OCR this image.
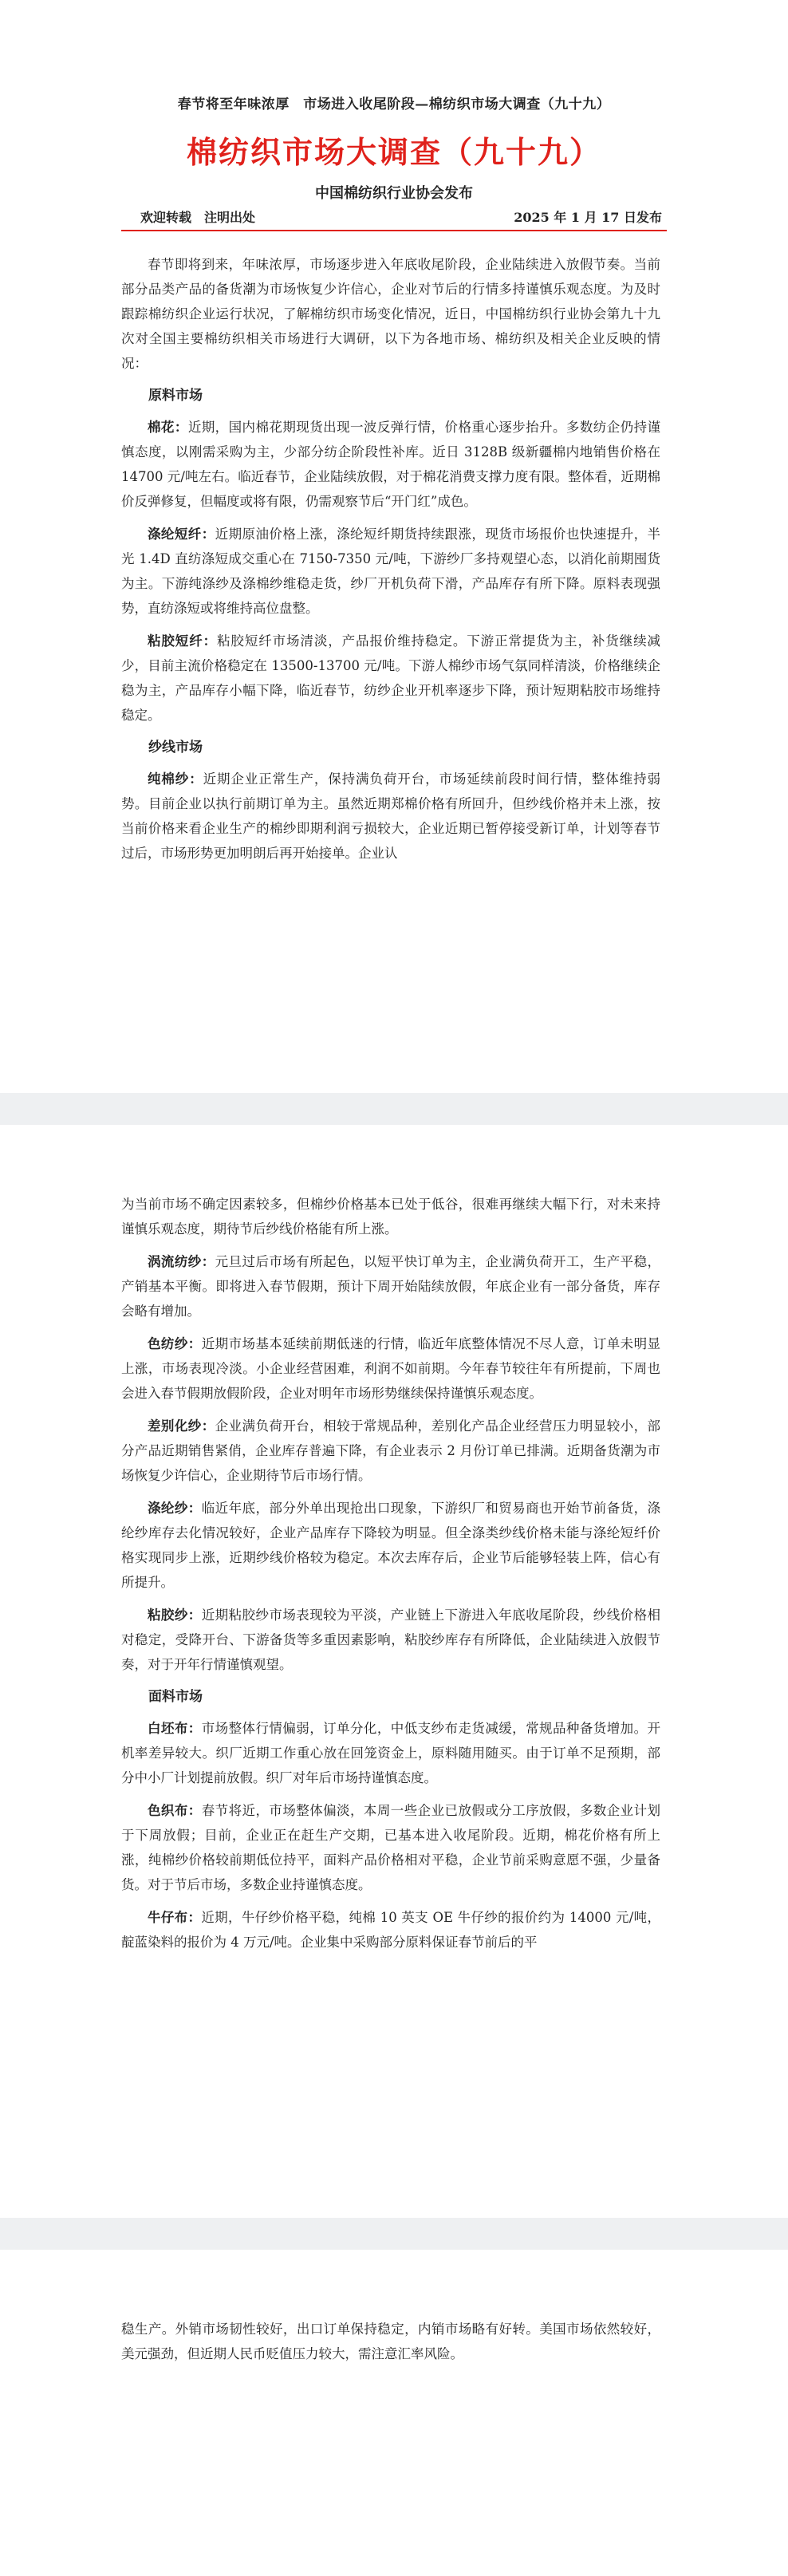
春节将至年味浓厚　市场进入收尾阶段—棉纺织市场大调查（九十九）
棉纺织市场大调查（九十九）
中国棉纺织行业协会发布
欢迎转载　注明出处	2025 年 1 月 17 日发布

春节即将到来，年味浓厚，市场逐步进入年底收尾阶段，企业陆续进入放假节奏。当前部分品类产品的备货潮为市场恢复少许信心，企业对节后的行情多持谨慎乐观态度。为及时跟踪棉纺织企业运行状况，了解棉纺织市场变化情况，近日，中国棉纺织行业协会第九十九次对全国主要棉纺织相关市场进行大调研，以下为各地市场、棉纺织及相关企业反映的情况：

原料市场

棉花：近期，国内棉花期现货出现一波反弹行情，价格重心逐步抬升。多数纺企仍持谨慎态度，以刚需采购为主，少部分纺企阶段性补库。近日 3128B 级新疆棉内地销售价格在 14700 元/吨左右。临近春节，企业陆续放假，对于棉花消费支撑力度有限。整体看，近期棉价反弹修复，但幅度或将有限，仍需观察节后“开门红”成色。

涤纶短纤：近期原油价格上涨，涤纶短纤期货持续跟涨，现货市场报价也快速提升，半光 1.4D 直纺涤短成交重心在 7150-7350 元/吨，下游纱厂多持观望心态，以消化前期囤货为主。下游纯涤纱及涤棉纱维稳走货，纱厂开机负荷下滑，产品库存有所下降。原料表现强势，直纺涤短或将维持高位盘整。

粘胶短纤：粘胶短纤市场清淡，产品报价维持稳定。下游正常提货为主，补货继续减少，目前主流价格稳定在 13500-13700 元/吨。下游人棉纱市场气氛同样清淡，价格继续企稳为主，产品库存小幅下降，临近春节，纺纱企业开机率逐步下降，预计短期粘胶市场维持稳定。

纱线市场

纯棉纱：近期企业正常生产，保持满负荷开台，市场延续前段时间行情，整体维持弱势。目前企业以执行前期订单为主。虽然近期郑棉价格有所回升，但纱线价格并未上涨，按当前价格来看企业生产的棉纱即期利润亏损较大，企业近期已暂停接受新订单，计划等春节过后，市场形势更加明朗后再开始接单。企业认

为当前市场不确定因素较多，但棉纱价格基本已处于低谷，很难再继续大幅下行，对未来持谨慎乐观态度，期待节后纱线价格能有所上涨。

涡流纺纱：元旦过后市场有所起色，以短平快订单为主，企业满负荷开工，生产平稳，产销基本平衡。即将进入春节假期，预计下周开始陆续放假，年底企业有一部分备货，库存会略有增加。

色纺纱：近期市场基本延续前期低迷的行情，临近年底整体情况不尽人意，订单未明显上涨，市场表现冷淡。小企业经营困难，利润不如前期。今年春节较往年有所提前，下周也会进入春节假期放假阶段，企业对明年市场形势继续保持谨慎乐观态度。

差别化纱：企业满负荷开台，相较于常规品种，差别化产品企业经营压力明显较小，部分产品近期销售紧俏，企业库存普遍下降，有企业表示 2 月份订单已排满。近期备货潮为市场恢复少许信心，企业期待节后市场行情。

涤纶纱：临近年底，部分外单出现抢出口现象，下游织厂和贸易商也开始节前备货，涤纶纱库存去化情况较好，企业产品库存下降较为明显。但全涤类纱线价格未能与涤纶短纤价格实现同步上涨，近期纱线价格较为稳定。本次去库存后，企业节后能够轻装上阵，信心有所提升。

粘胶纱：近期粘胶纱市场表现较为平淡，产业链上下游进入年底收尾阶段，纱线价格相对稳定，受降开台、下游备货等多重因素影响，粘胶纱库存有所降低，企业陆续进入放假节奏，对于开年行情谨慎观望。

面料市场

白坯布：市场整体行情偏弱，订单分化，中低支纱布走货减缓，常规品种备货增加。开机率差异较大。织厂近期工作重心放在回笼资金上，原料随用随买。由于订单不足预期，部分中小厂计划提前放假。织厂对年后市场持谨慎态度。

色织布：春节将近，市场整体偏淡，本周一些企业已放假或分工序放假，多数企业计划于下周放假；目前，企业正在赶生产交期，已基本进入收尾阶段。近期，棉花价格有所上涨，纯棉纱价格较前期低位持平，面料产品价格相对平稳，企业节前采购意愿不强，少量备货。对于节后市场，多数企业持谨慎态度。

牛仔布：近期，牛仔纱价格平稳，纯棉 10 英支 OE 牛仔纱的报价约为 14000 元/吨，靛蓝染料的报价为 4 万元/吨。企业集中采购部分原料保证春节前后的平

稳生产。外销市场韧性较好，出口订单保持稳定，内销市场略有好转。美国市场依然较好，美元强劲，但近期人民币贬值压力较大，需注意汇率风险。
